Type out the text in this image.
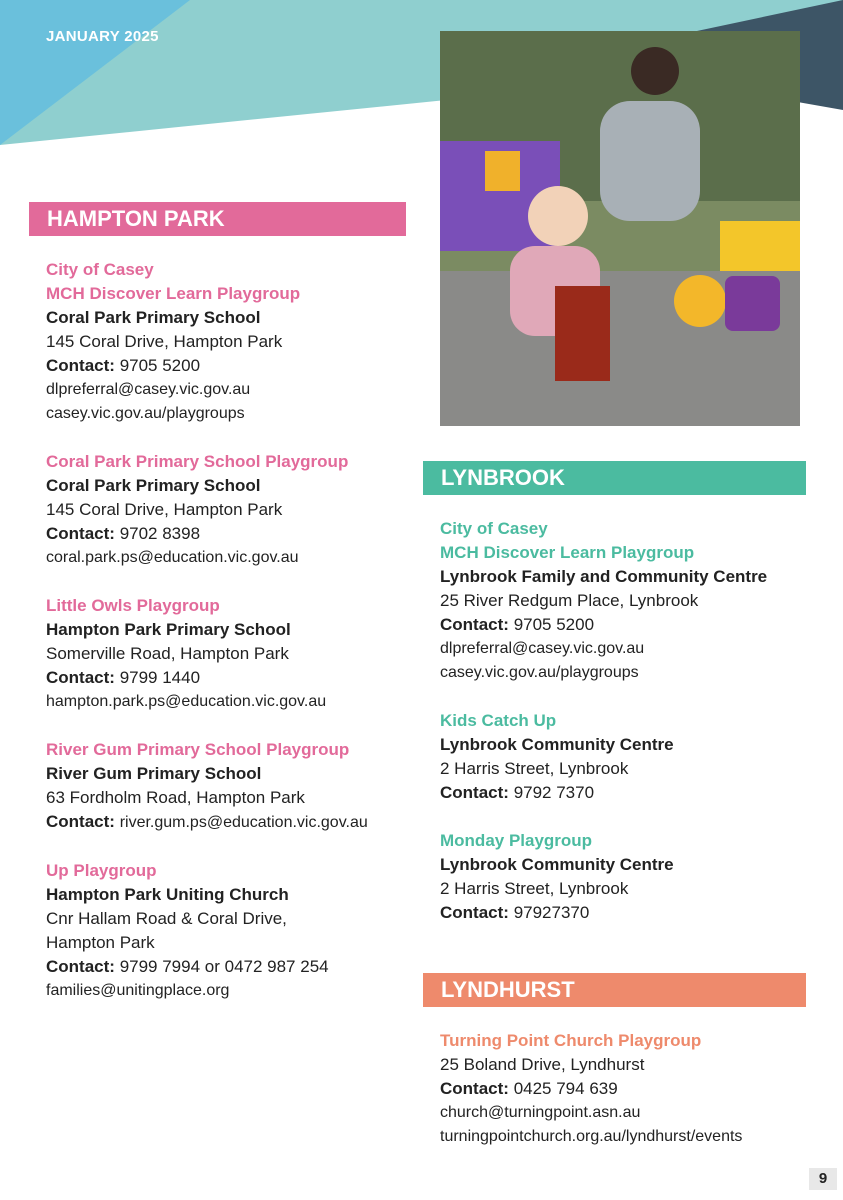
JANUARY 2025
HAMPTON PARK
LYNBROOK
LYNDHURST
City of Casey
MCH Discover Learn Playgroup
Coral Park Primary School
145 Coral Drive, Hampton Park
Contact: 9705 5200
dlpreferral@casey.vic.gov.au
casey.vic.gov.au/playgroups
Coral Park Primary School Playgroup
Coral Park Primary School
145 Coral Drive, Hampton Park
Contact: 9702 8398
coral.park.ps@education.vic.gov.au
Little Owls Playgroup
Hampton Park Primary School
Somerville Road, Hampton Park
Contact: 9799 1440
hampton.park.ps@education.vic.gov.au
River Gum Primary School Playgroup
River Gum Primary School
63 Fordholm Road, Hampton Park
Contact: river.gum.ps@education.vic.gov.au
Up Playgroup
Hampton Park Uniting Church
Cnr Hallam Road & Coral Drive,
Hampton Park
Contact: 9799 7994 or 0472 987 254
families@unitingplace.org
City of Casey
MCH Discover Learn Playgroup
Lynbrook Family and Community Centre
25 River Redgum Place, Lynbrook
Contact: 9705 5200
dlpreferral@casey.vic.gov.au
casey.vic.gov.au/playgroups
Kids Catch Up
Lynbrook Community Centre
2 Harris Street, Lynbrook
Contact: 9792 7370
Monday Playgroup
Lynbrook Community Centre
2 Harris Street, Lynbrook
Contact: 97927370
Turning Point Church Playgroup
25 Boland Drive, Lyndhurst
Contact: 0425 794 639
church@turningpoint.asn.au
turningpointchurch.org.au/lyndhurst/events
9
